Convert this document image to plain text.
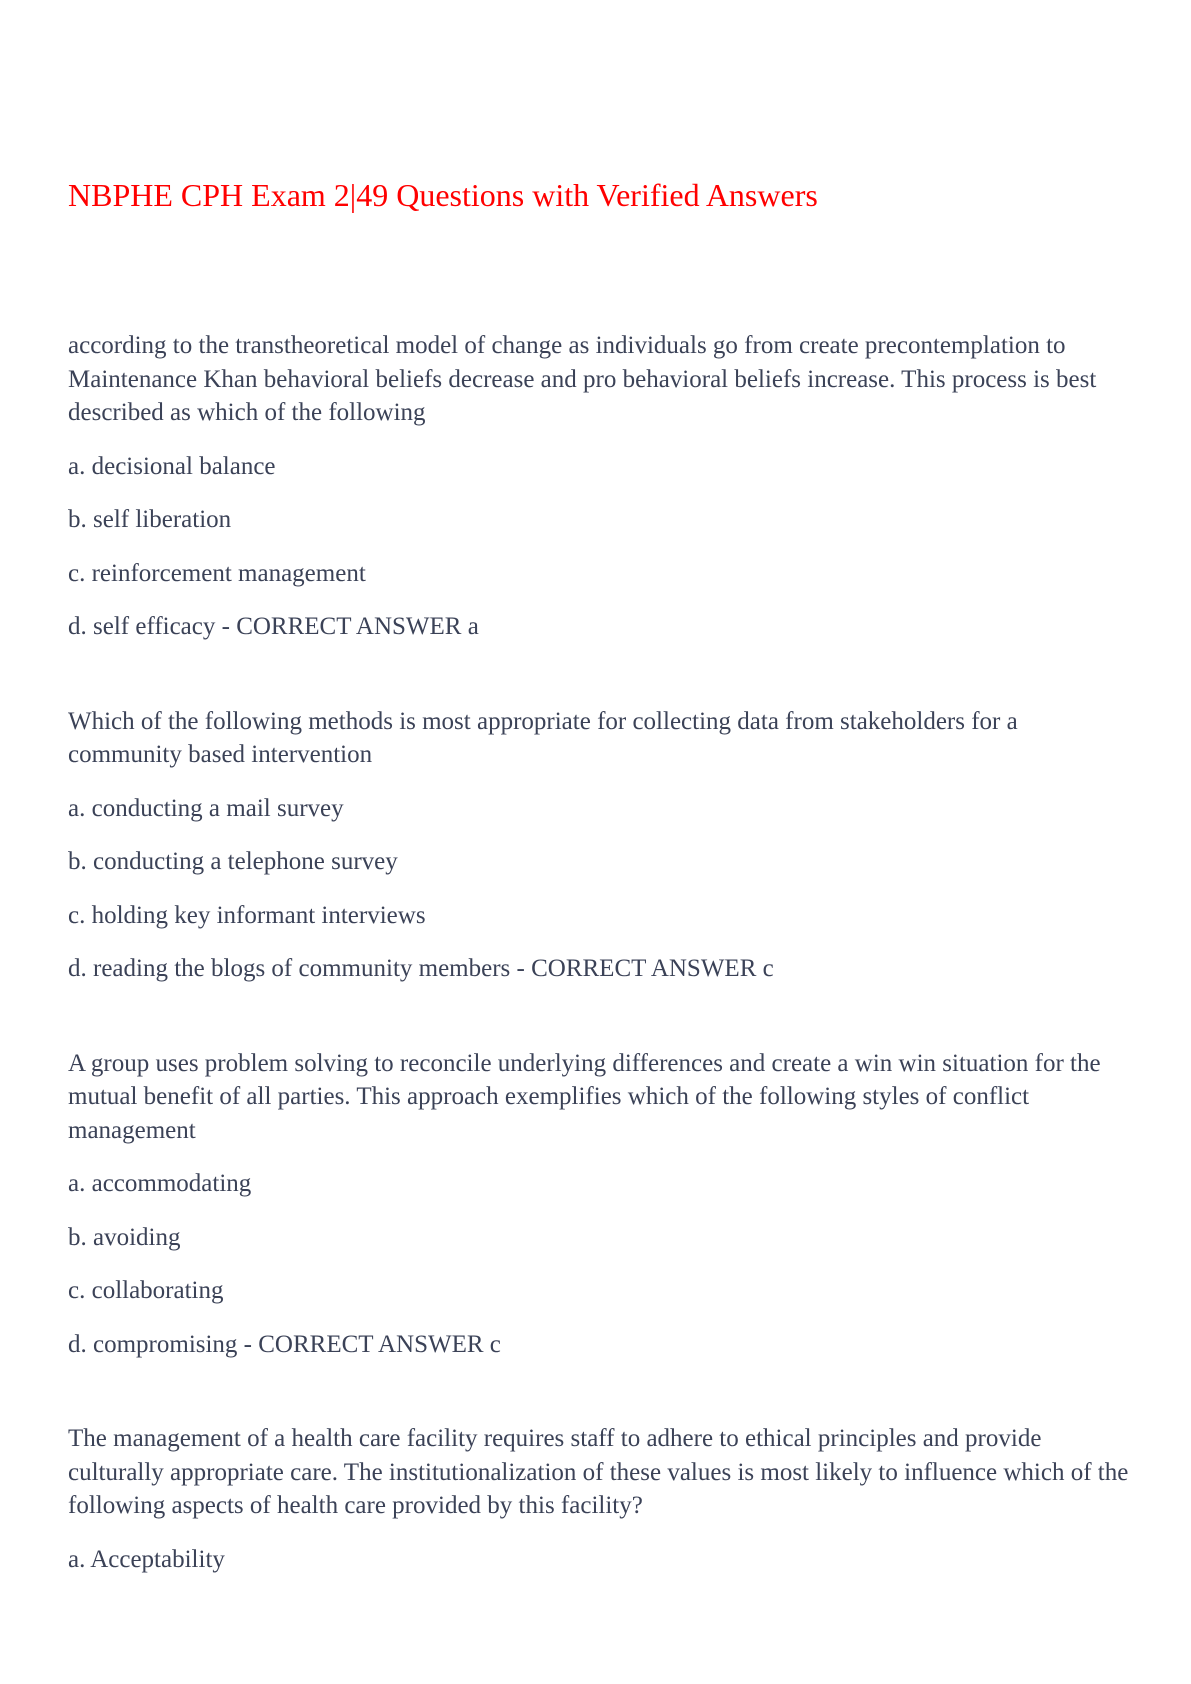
NBPHE CPH Exam 2|49 Questions with Verified Answers

according to the transtheoretical model of change as individuals go from create precontemplation to Maintenance Khan behavioral beliefs decrease and pro behavioral beliefs increase. This process is best described as which of the following

a. decisional balance

b. self liberation

c. reinforcement management

d. self efficacy - CORRECT ANSWER a

Which of the following methods is most appropriate for collecting data from stakeholders for a community based intervention

a. conducting a mail survey

b. conducting a telephone survey

c. holding key informant interviews

d. reading the blogs of community members - CORRECT ANSWER c

A group uses problem solving to reconcile underlying differences and create a win win situation for the mutual benefit of all parties. This approach exemplifies which of the following styles of conflict management

a. accommodating

b. avoiding

c. collaborating

d. compromising - CORRECT ANSWER c

The management of a health care facility requires staff to adhere to ethical principles and provide culturally appropriate care. The institutionalization of these values is most likely to influence which of the following aspects of health care provided by this facility?

a. Acceptability
